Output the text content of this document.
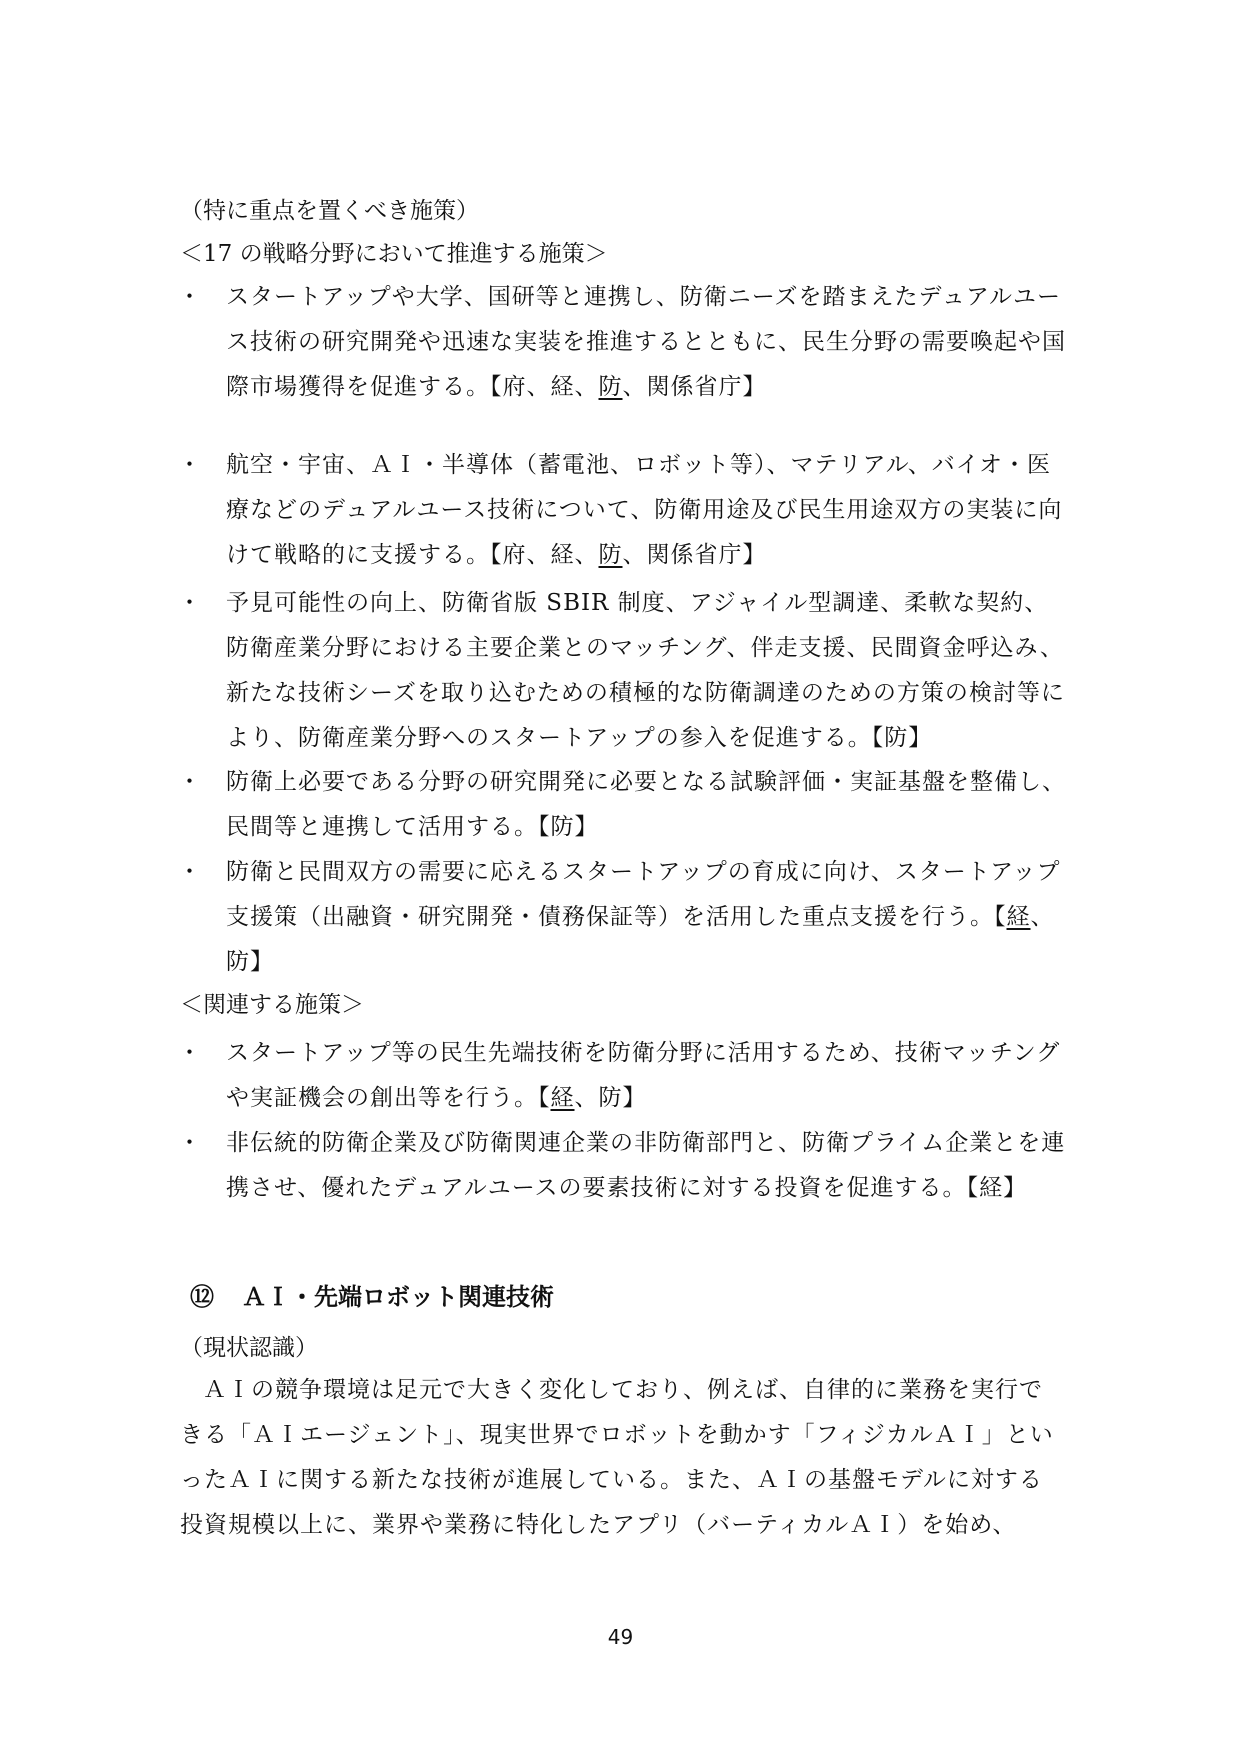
（特に重点を置くべき施策）
＜17 の戦略分野において推進する施策＞
・ スタートアップや大学、国研等と連携し、防衛ニーズを踏まえたデュアルユース技術の研究開発や迅速な実装を推進するとともに、民生分野の需要喚起や国際市場獲得を促進する。【府、経、防、関係省庁】
・ 航空・宇宙、ＡＩ・半導体（蓄電池、ロボット等）、マテリアル、バイオ・医療などのデュアルユース技術について、防衛用途及び民生用途双方の実装に向けて戦略的に支援する。【府、経、防、関係省庁】
・ 予見可能性の向上、防衛省版 SBIR 制度、アジャイル型調達、柔軟な契約、防衛産業分野における主要企業とのマッチング、伴走支援、民間資金呼込み、新たな技術シーズを取り込むための積極的な防衛調達のための方策の検討等により、防衛産業分野へのスタートアップの参入を促進する。【防】
・ 防衛上必要である分野の研究開発に必要となる試験評価・実証基盤を整備し、民間等と連携して活用する。【防】
・ 防衛と民間双方の需要に応えるスタートアップの育成に向け、スタートアップ支援策（出融資・研究開発・債務保証等）を活用した重点支援を行う。【経、防】
＜関連する施策＞
・ スタートアップ等の民生先端技術を防衛分野に活用するため、技術マッチングや実証機会の創出等を行う。【経、防】
・ 非伝統的防衛企業及び防衛関連企業の非防衛部門と、防衛プライム企業とを連携させ、優れたデュアルユースの要素技術に対する投資を促進する。【経】
⑫ ＡＩ・先端ロボット関連技術
（現状認識）
ＡＩの競争環境は足元で大きく変化しており、例えば、自律的に業務を実行できる「ＡＩエージェント」、現実世界でロボットを動かす「フィジカルＡＩ」といったＡＩに関する新たな技術が進展している。また、ＡＩの基盤モデルに対する投資規模以上に、業界や業務に特化したアプリ（バーティカルＡＩ）を始め、
49
